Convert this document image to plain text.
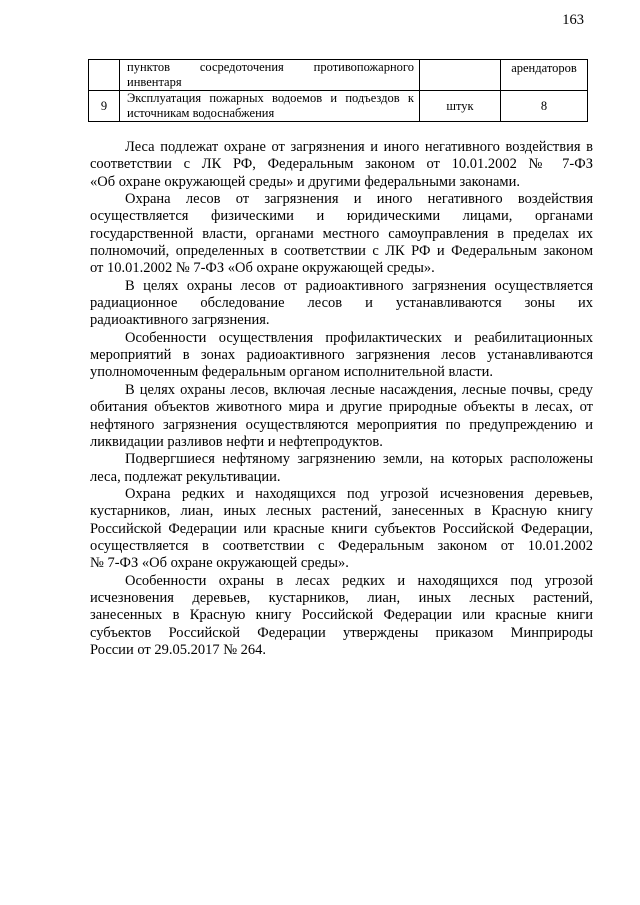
163

	пунктов сосредоточения противопожарного
инвентаря		арендаторов
9	Эксплуатация пожарных водоемов и подъездов к
источникам водоснабжения	штук	8
Леса подлежат охране от загрязнения и иного негативного воздействия в
соответствии с ЛК РФ, Федеральным законом от 10.01.2002 № 7-ФЗ
«Об охране окружающей среды» и другими федеральными законами.
Охрана лесов от загрязнения и иного негативного воздействия
осуществляется физическими и юридическими лицами, органами
государственной власти, органами местного самоуправления в пределах их
полномочий, определенных в соответствии с ЛК РФ и Федеральным законом
от 10.01.2002 № 7-ФЗ «Об охране окружающей среды».
В целях охраны лесов от радиоактивного загрязнения осуществляется
радиационное обследование лесов и устанавливаются зоны их
радиоактивного загрязнения.
Особенности осуществления профилактических и реабилитационных
мероприятий в зонах радиоактивного загрязнения лесов устанавливаются
уполномоченным федеральным органом исполнительной власти.
В целях охраны лесов, включая лесные насаждения, лесные почвы, среду
обитания объектов животного мира и другие природные объекты в лесах, от
нефтяного загрязнения осуществляются мероприятия по предупреждению и
ликвидации разливов нефти и нефтепродуктов.
Подвергшиеся нефтяному загрязнению земли, на которых расположены
леса, подлежат рекультивации.
Охрана редких и находящихся под угрозой исчезновения деревьев,
кустарников, лиан, иных лесных растений, занесенных в Красную книгу
Российской Федерации или красные книги субъектов Российской Федерации,
осуществляется в соответствии с Федеральным законом от 10.01.2002
№ 7-ФЗ «Об охране окружающей среды».
Особенности охраны в лесах редких и находящихся под угрозой
исчезновения деревьев, кустарников, лиан, иных лесных растений,
занесенных в Красную книгу Российской Федерации или красные книги
субъектов Российской Федерации утверждены приказом Минприроды
России от 29.05.2017 № 264.
